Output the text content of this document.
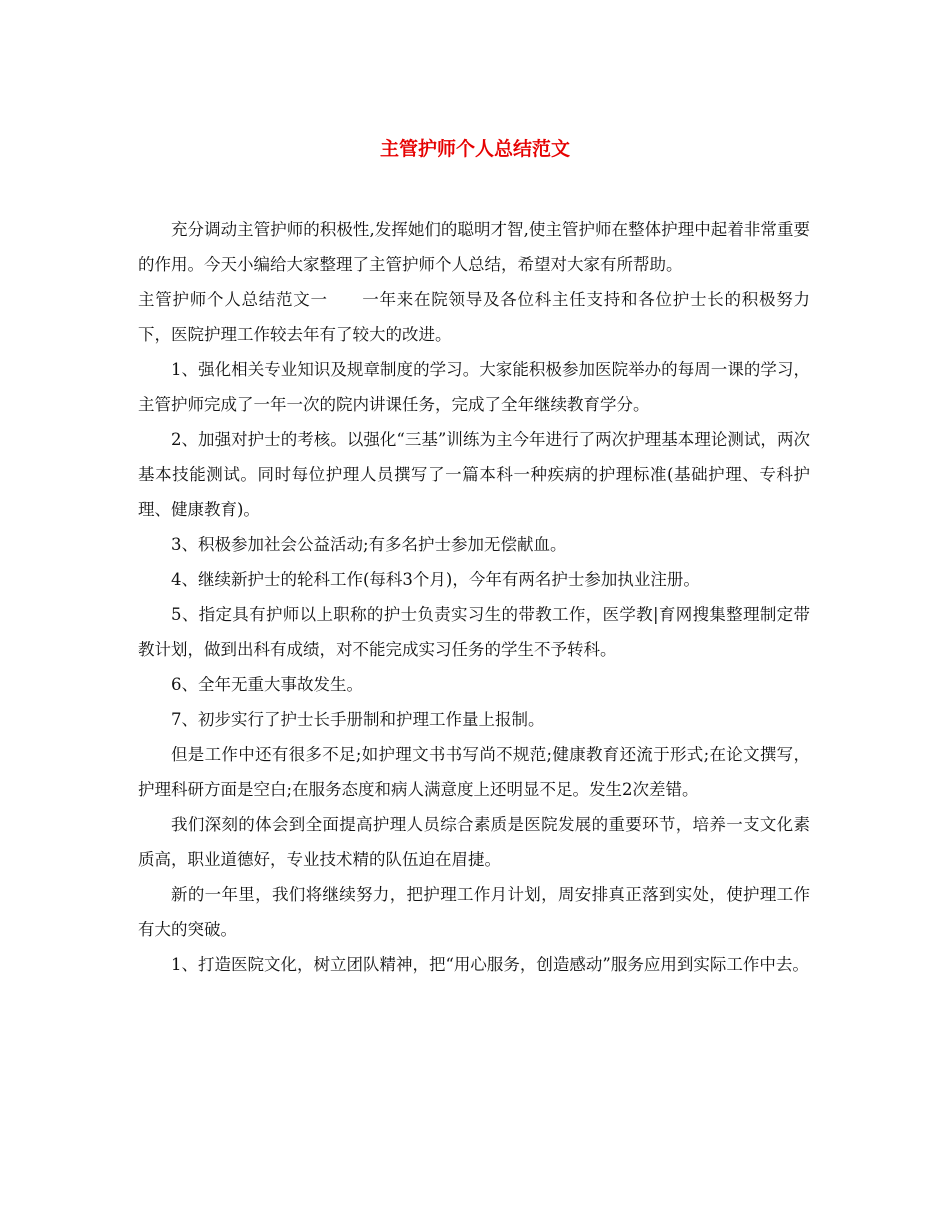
主管护师个人总结范文

充分调动主管护师的积极性,发挥她们的聪明才智,使主管护师在整体护理中起着非常重要的作用。今天小编给大家整理了主管护师个人总结，希望对大家有所帮助。

主管护师个人总结范文一　　一年来在院领导及各位科主任支持和各位护士长的积极努力下，医院护理工作较去年有了较大的改进。

1、强化相关专业知识及规章制度的学习。大家能积极参加医院举办的每周一课的学习，主管护师完成了一年一次的院内讲课任务，完成了全年继续教育学分。

2、加强对护士的考核。以强化“三基”训练为主今年进行了两次护理基本理论测试，两次基本技能测试。同时每位护理人员撰写了一篇本科一种疾病的护理标准(基础护理、专科护理、健康教育)。

3、积极参加社会公益活动;有多名护士参加无偿献血。

4、继续新护士的轮科工作(每科3个月)，今年有两名护士参加执业注册。

5、指定具有护师以上职称的护士负责实习生的带教工作，医学教|育网搜集整理制定带教计划，做到出科有成绩，对不能完成实习任务的学生不予转科。

6、全年无重大事故发生。

7、初步实行了护士长手册制和护理工作量上报制。

但是工作中还有很多不足;如护理文书书写尚不规范;健康教育还流于形式;在论文撰写，护理科研方面是空白;在服务态度和病人满意度上还明显不足。发生2次差错。

我们深刻的体会到全面提高护理人员综合素质是医院发展的重要环节，培养一支文化素质高，职业道德好，专业技术精的队伍迫在眉捷。

新的一年里，我们将继续努力，把护理工作月计划，周安排真正落到实处，使护理工作有大的突破。

1、打造医院文化，树立团队精神，把“用心服务，创造感动”服务应用到实际工作中去。
